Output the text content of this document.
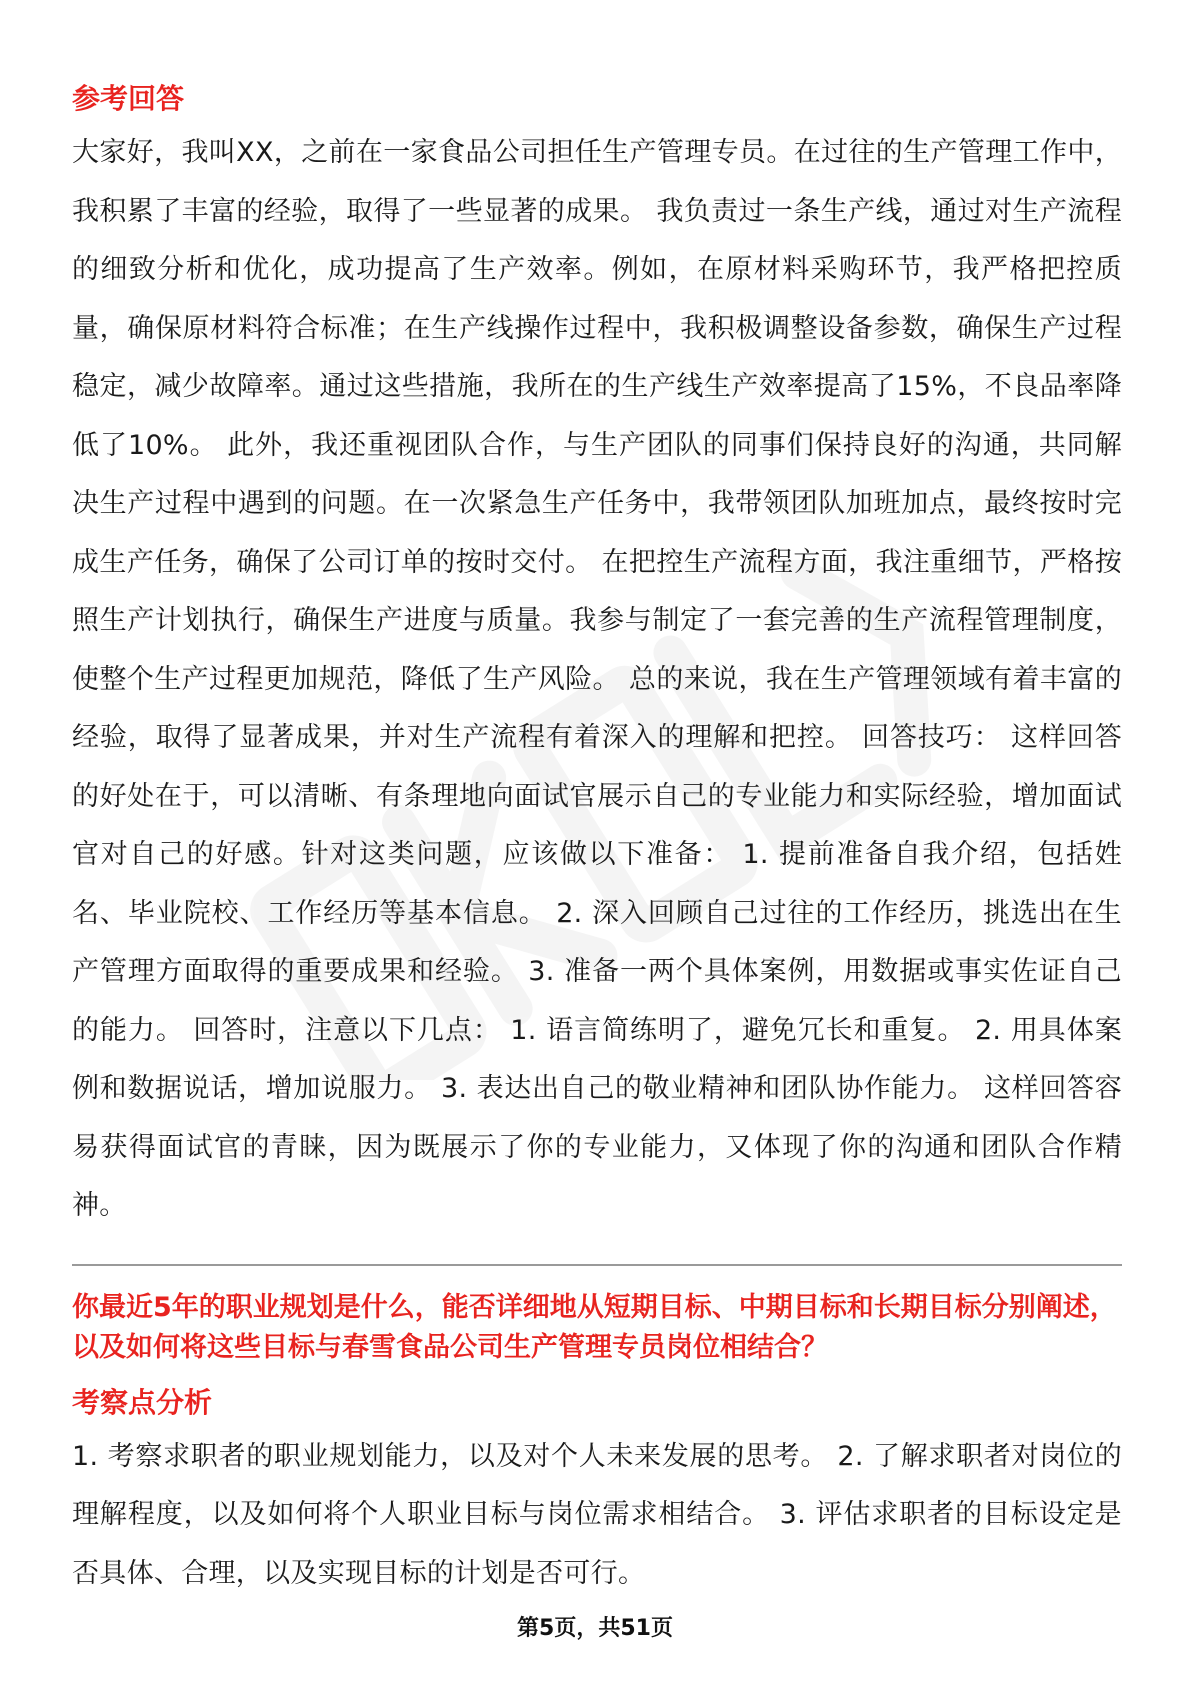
参考回答

大家好，我叫XX，之前在一家食品公司担任生产管理专员。在过往的生产管理工作中，我积累了丰富的经验，取得了一些显著的成果。 我负责过一条生产线，通过对生产流程的细致分析和优化，成功提高了生产效率。例如，在原材料采购环节，我严格把控质量，确保原材料符合标准；在生产线操作过程中，我积极调整设备参数，确保生产过程稳定，减少故障率。通过这些措施，我所在的生产线生产效率提高了15%，不良品率降低了10%。 此外，我还重视团队合作，与生产团队的同事们保持良好的沟通，共同解决生产过程中遇到的问题。在一次紧急生产任务中，我带领团队加班加点，最终按时完成生产任务，确保了公司订单的按时交付。 在把控生产流程方面，我注重细节，严格按照生产计划执行，确保生产进度与质量。我参与制定了一套完善的生产流程管理制度，使整个生产过程更加规范，降低了生产风险。 总的来说，我在生产管理领域有着丰富的经验，取得了显著成果，并对生产流程有着深入的理解和把控。 回答技巧： 这样回答的好处在于，可以清晰、有条理地向面试官展示自己的专业能力和实际经验，增加面试官对自己的好感。针对这类问题，应该做以下准备： 1. 提前准备自我介绍，包括姓名、毕业院校、工作经历等基本信息。 2. 深入回顾自己过往的工作经历，挑选出在生产管理方面取得的重要成果和经验。 3. 准备一两个具体案例，用数据或事实佐证自己的能力。 回答时，注意以下几点： 1. 语言简练明了，避免冗长和重复。 2. 用具体案例和数据说话，增加说服力。 3. 表达出自己的敬业精神和团队协作能力。 这样回答容易获得面试官的青睐，因为既展示了你的专业能力，又体现了你的沟通和团队合作精神。

你最近5年的职业规划是什么，能否详细地从短期目标、中期目标和长期目标分别阐述，以及如何将这些目标与春雪食品公司生产管理专员岗位相结合？

考察点分析

1. 考察求职者的职业规划能力，以及对个人未来发展的思考。 2. 了解求职者对岗位的理解程度，以及如何将个人职业目标与岗位需求相结合。 3. 评估求职者的目标设定是否具体、合理，以及实现目标的计划是否可行。

第5页，共51页
